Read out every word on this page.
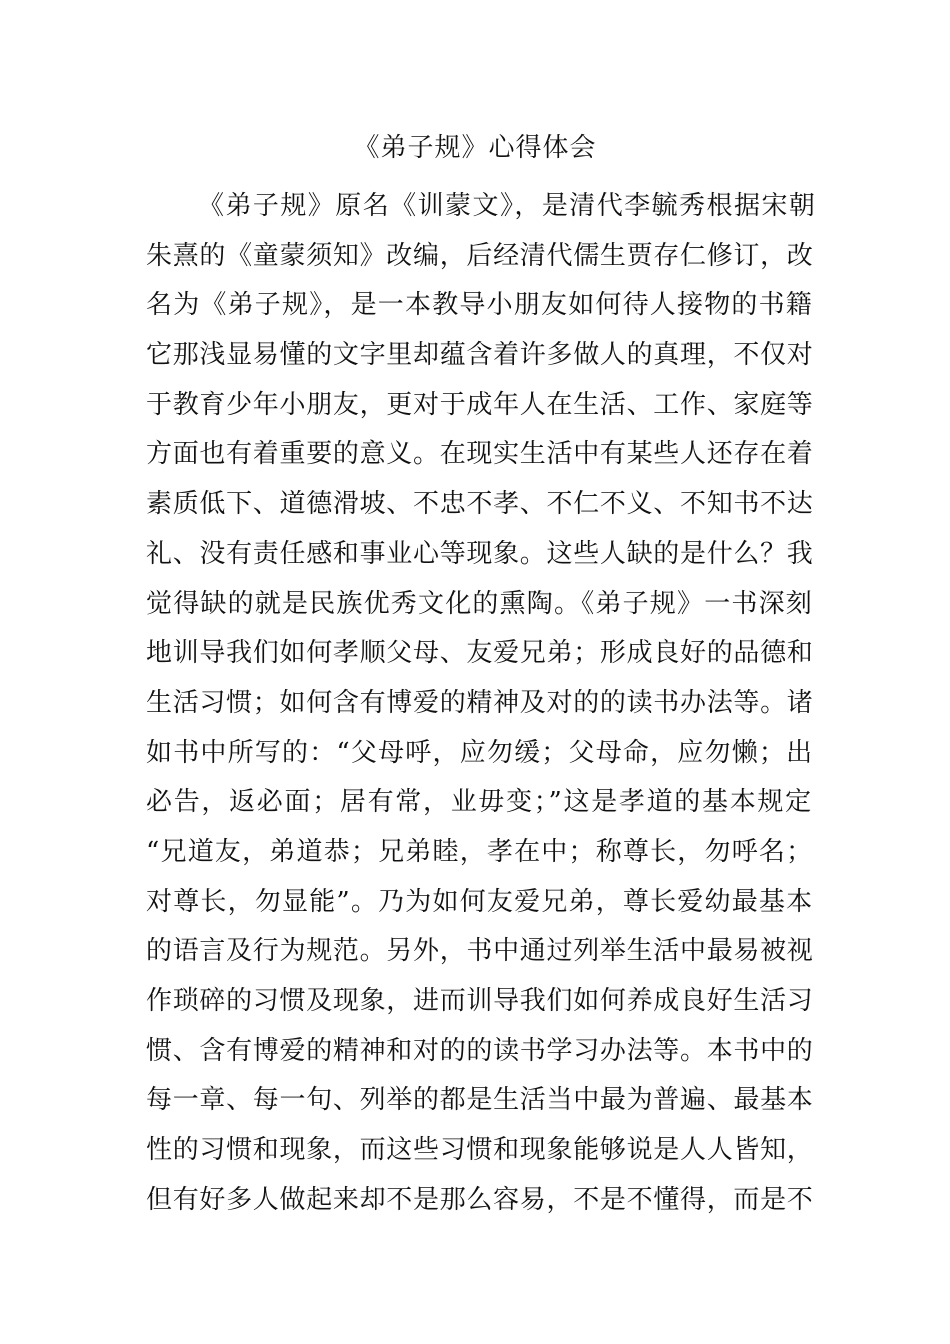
《弟子规》心得体会
《弟子规》原名《训蒙文》，是清代李毓秀根据宋朝
朱熹的《童蒙须知》改编，后经清代儒生贾存仁修订，改
名为《弟子规》，是一本教导小朋友如何待人接物的书籍
它那浅显易懂的文字里却蕴含着许多做人的真理，不仅对
于教育少年小朋友，更对于成年人在生活、工作、家庭等
方面也有着重要的意义。在现实生活中有某些人还存在着
素质低下、道德滑坡、不忠不孝、不仁不义、不知书不达
礼、没有责任感和事业心等现象。这些人缺的是什么？我
觉得缺的就是民族优秀文化的熏陶。《弟子规》一书深刻
地训导我们如何孝顺父母、友爱兄弟；形成良好的品德和
生活习惯；如何含有博爱的精神及对的的读书办法等。诸
如书中所写的：“父母呼，应勿缓；父母命，应勿懒；出
必告，返必面；居有常，业毋变；”这是孝道的基本规定
“兄道友，弟道恭；兄弟睦，孝在中；称尊长，勿呼名；
对尊长，勿显能”。乃为如何友爱兄弟，尊长爱幼最基本
的语言及行为规范。另外，书中通过列举生活中最易被视
作琐碎的习惯及现象，进而训导我们如何养成良好生活习
惯、含有博爱的精神和对的的读书学习办法等。本书中的
每一章、每一句、列举的都是生活当中最为普遍、最基本
性的习惯和现象，而这些习惯和现象能够说是人人皆知，
但有好多人做起来却不是那么容易，不是不懂得，而是不
